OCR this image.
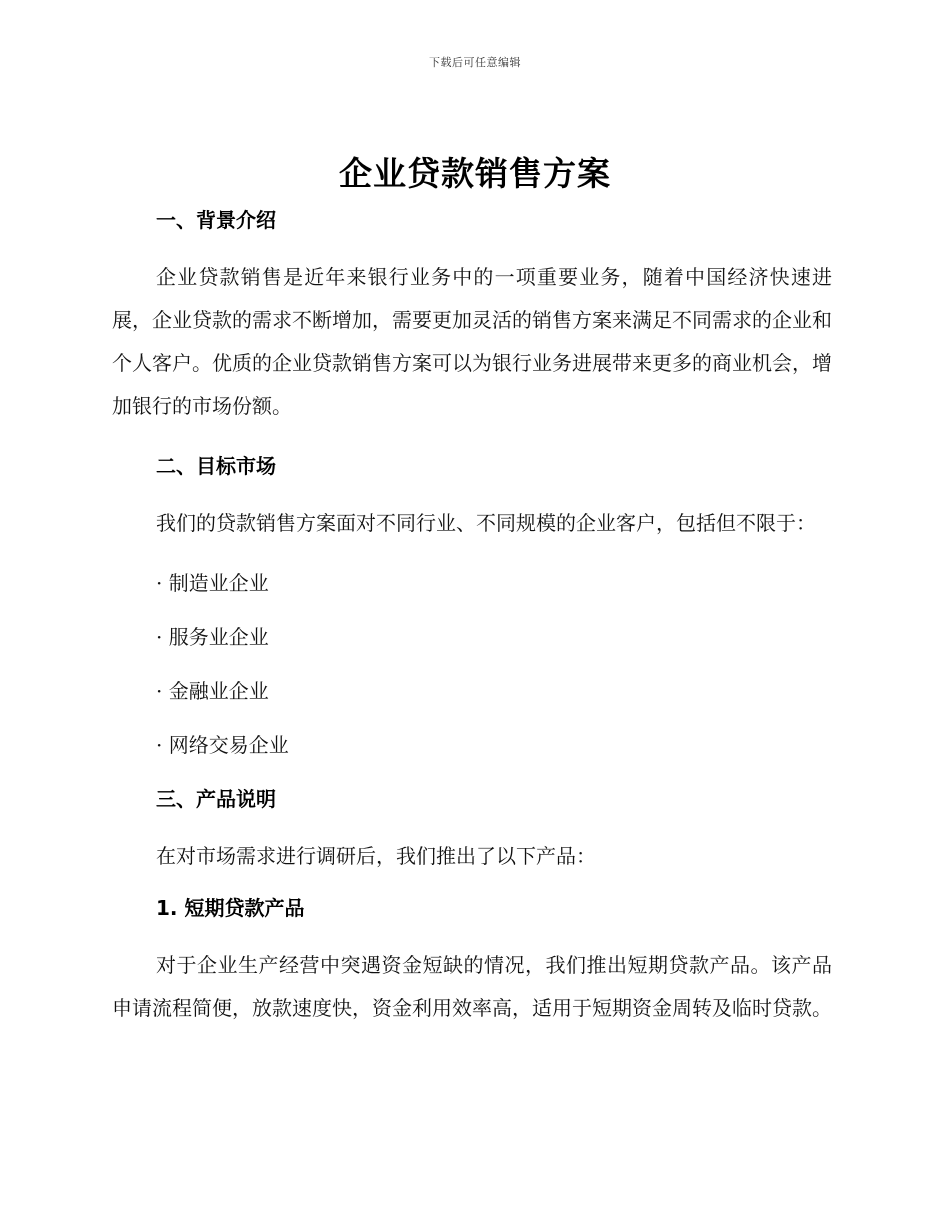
下载后可任意编辑
企业贷款销售方案
一、背景介绍

企业贷款销售是近年来银行业务中的一项重要业务，随着中国经济快速进展，企业贷款的需求不断增加，需要更加灵活的销售方案来满足不同需求的企业和个人客户。优质的企业贷款销售方案可以为银行业务进展带来更多的商业机会，增加银行的市场份额。

二、目标市场

我们的贷款销售方案面对不同行业、不同规模的企业客户，包括但不限于：

· 制造业企业

· 服务业企业

· 金融业企业

· 网络交易企业

三、产品说明

在对市场需求进行调研后，我们推出了以下产品：

1. 短期贷款产品

对于企业生产经营中突遇资金短缺的情况，我们推出短期贷款产品。该产品申请流程简便，放款速度快，资金利用效率高，适用于短期资金周转及临时贷款。
